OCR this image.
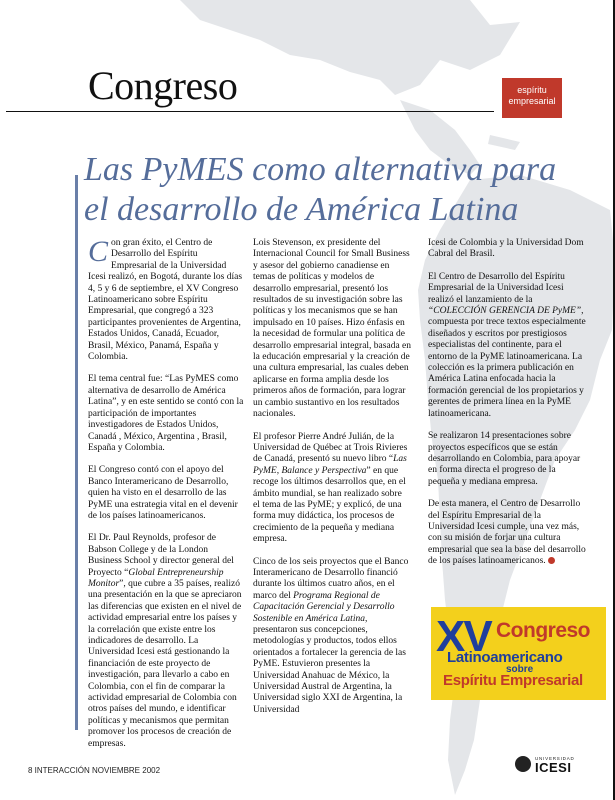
Congreso	espíritu
empresarial
Las PyMES como alternativa para
el desarrollo de América Latina

Con gran éxito, el Centro de Desarrollo del Espíritu Empresarial de la Universidad Icesi realizó, en Bogotá, durante los días 4, 5 y 6 de septiembre, el XV Congreso Latinoamericano sobre Espíritu Empresarial, que congregó a 323 participantes provenientes de Argentina, Estados Unidos, Canadá, Ecuador, Brasil, México, Panamá, España y Colombia.

El tema central fue: “Las PyMES como alternativa de desarrollo de América Latina”, y en este sentido se contó con la participación de importantes investigadores de Estados Unidos, Canadá , México, Argentina , Brasil, España y Colombia.

El Congreso contó con el apoyo del Banco Interamericano de Desarrollo, quien ha visto en el desarrollo de las PyME una estrategia vital en el devenir de los países latinoamericanos.

El Dr. Paul Reynolds, profesor de Babson College y de la London Business School y director general del Proyecto “Global Entrepreneurship Monitor”, que cubre a 35 países, realizó una presentación en la que se apreciaron las diferencias que existen en el nivel de actividad empresarial entre los países y la correlación que existe entre los indicadores de desarrollo. La Universidad Icesi está gestionando la financiación de este proyecto de investigación, para llevarlo a cabo en Colombia, con el fin de comparar la actividad empresarial de Colombia con otros países del mundo, e identificar políticas y mecanismos que permitan promover los procesos de creación de empresas.

Lois Stevenson, ex presidente del Internacional Council for Small Business y asesor del gobierno canadiense en temas de políticas y modelos de desarrollo empresarial, presentó los resultados de su investigación sobre las políticas y los mecanismos que se han impulsado en 10 países. Hizo énfasis en la necesidad de formular una política de desarrollo empresarial integral, basada en la educación empresarial y la creación de una cultura empresarial, las cuales deben aplicarse en forma amplia desde los primeros años de formación, para lograr un cambio sustantivo en los resultados nacionales.

El profesor Pierre André Julián, de la Universidad de Québec at Trois Rivieres de Canadá, presentó su nuevo libro “Las PyME, Balance y Perspectiva” en que recoge los últimos desarrollos que, en el ámbito mundial, se han realizado sobre el tema de las PyME; y explicó, de una forma muy didáctica, los procesos de crecimiento de la pequeña y mediana empresa.

Cinco de los seis proyectos que el Banco Interamericano de Desarrollo financió durante los últimos cuatro años, en el marco del Programa Regional de Capacitación Gerencial y Desarrollo Sostenible en América Latina, presentaron sus concepciones, metodologías y productos, todos ellos orientados a fortalecer la gerencia de las PyME. Estuvieron presentes la Universidad Anahuac de México, la Universidad Austral de Argentina, la Universidad siglo XXI de Argentina, la Universidad

Icesi de Colombia y la Universidad Dom Cabral del Brasil.

El Centro de Desarrollo del Espíritu Empresarial de la Universidad Icesi realizó el lanzamiento de la “COLECCIÓN GERENCIA DE PyME”, compuesta por trece textos especialmente diseñados y escritos por prestigiosos especialistas del continente, para el entorno de la PyME latinoamericana. La colección es la primera publicación en América Latina enfocada hacia la formación gerencial de los propietarios y gerentes de primera línea en la PyME latinoamericana.

Se realizaron 14 presentaciones sobre proyectos específicos que se están desarrollando en Colombia, para apoyar en forma directa el progreso de la pequeña y mediana empresa.

De esta manera, el Centro de Desarrollo del Espíritu Empresarial de la Universidad Icesi cumple, una vez más, con su misión de forjar una cultura empresarial que sea la base del desarrollo de los países latinoamericanos.

XV Congreso
Latinoamericano
sobre
Espíritu Empresarial
8 INTERACCIÓN NOVIEMBRE 2002
UNIVERSIDAD
ICESI
